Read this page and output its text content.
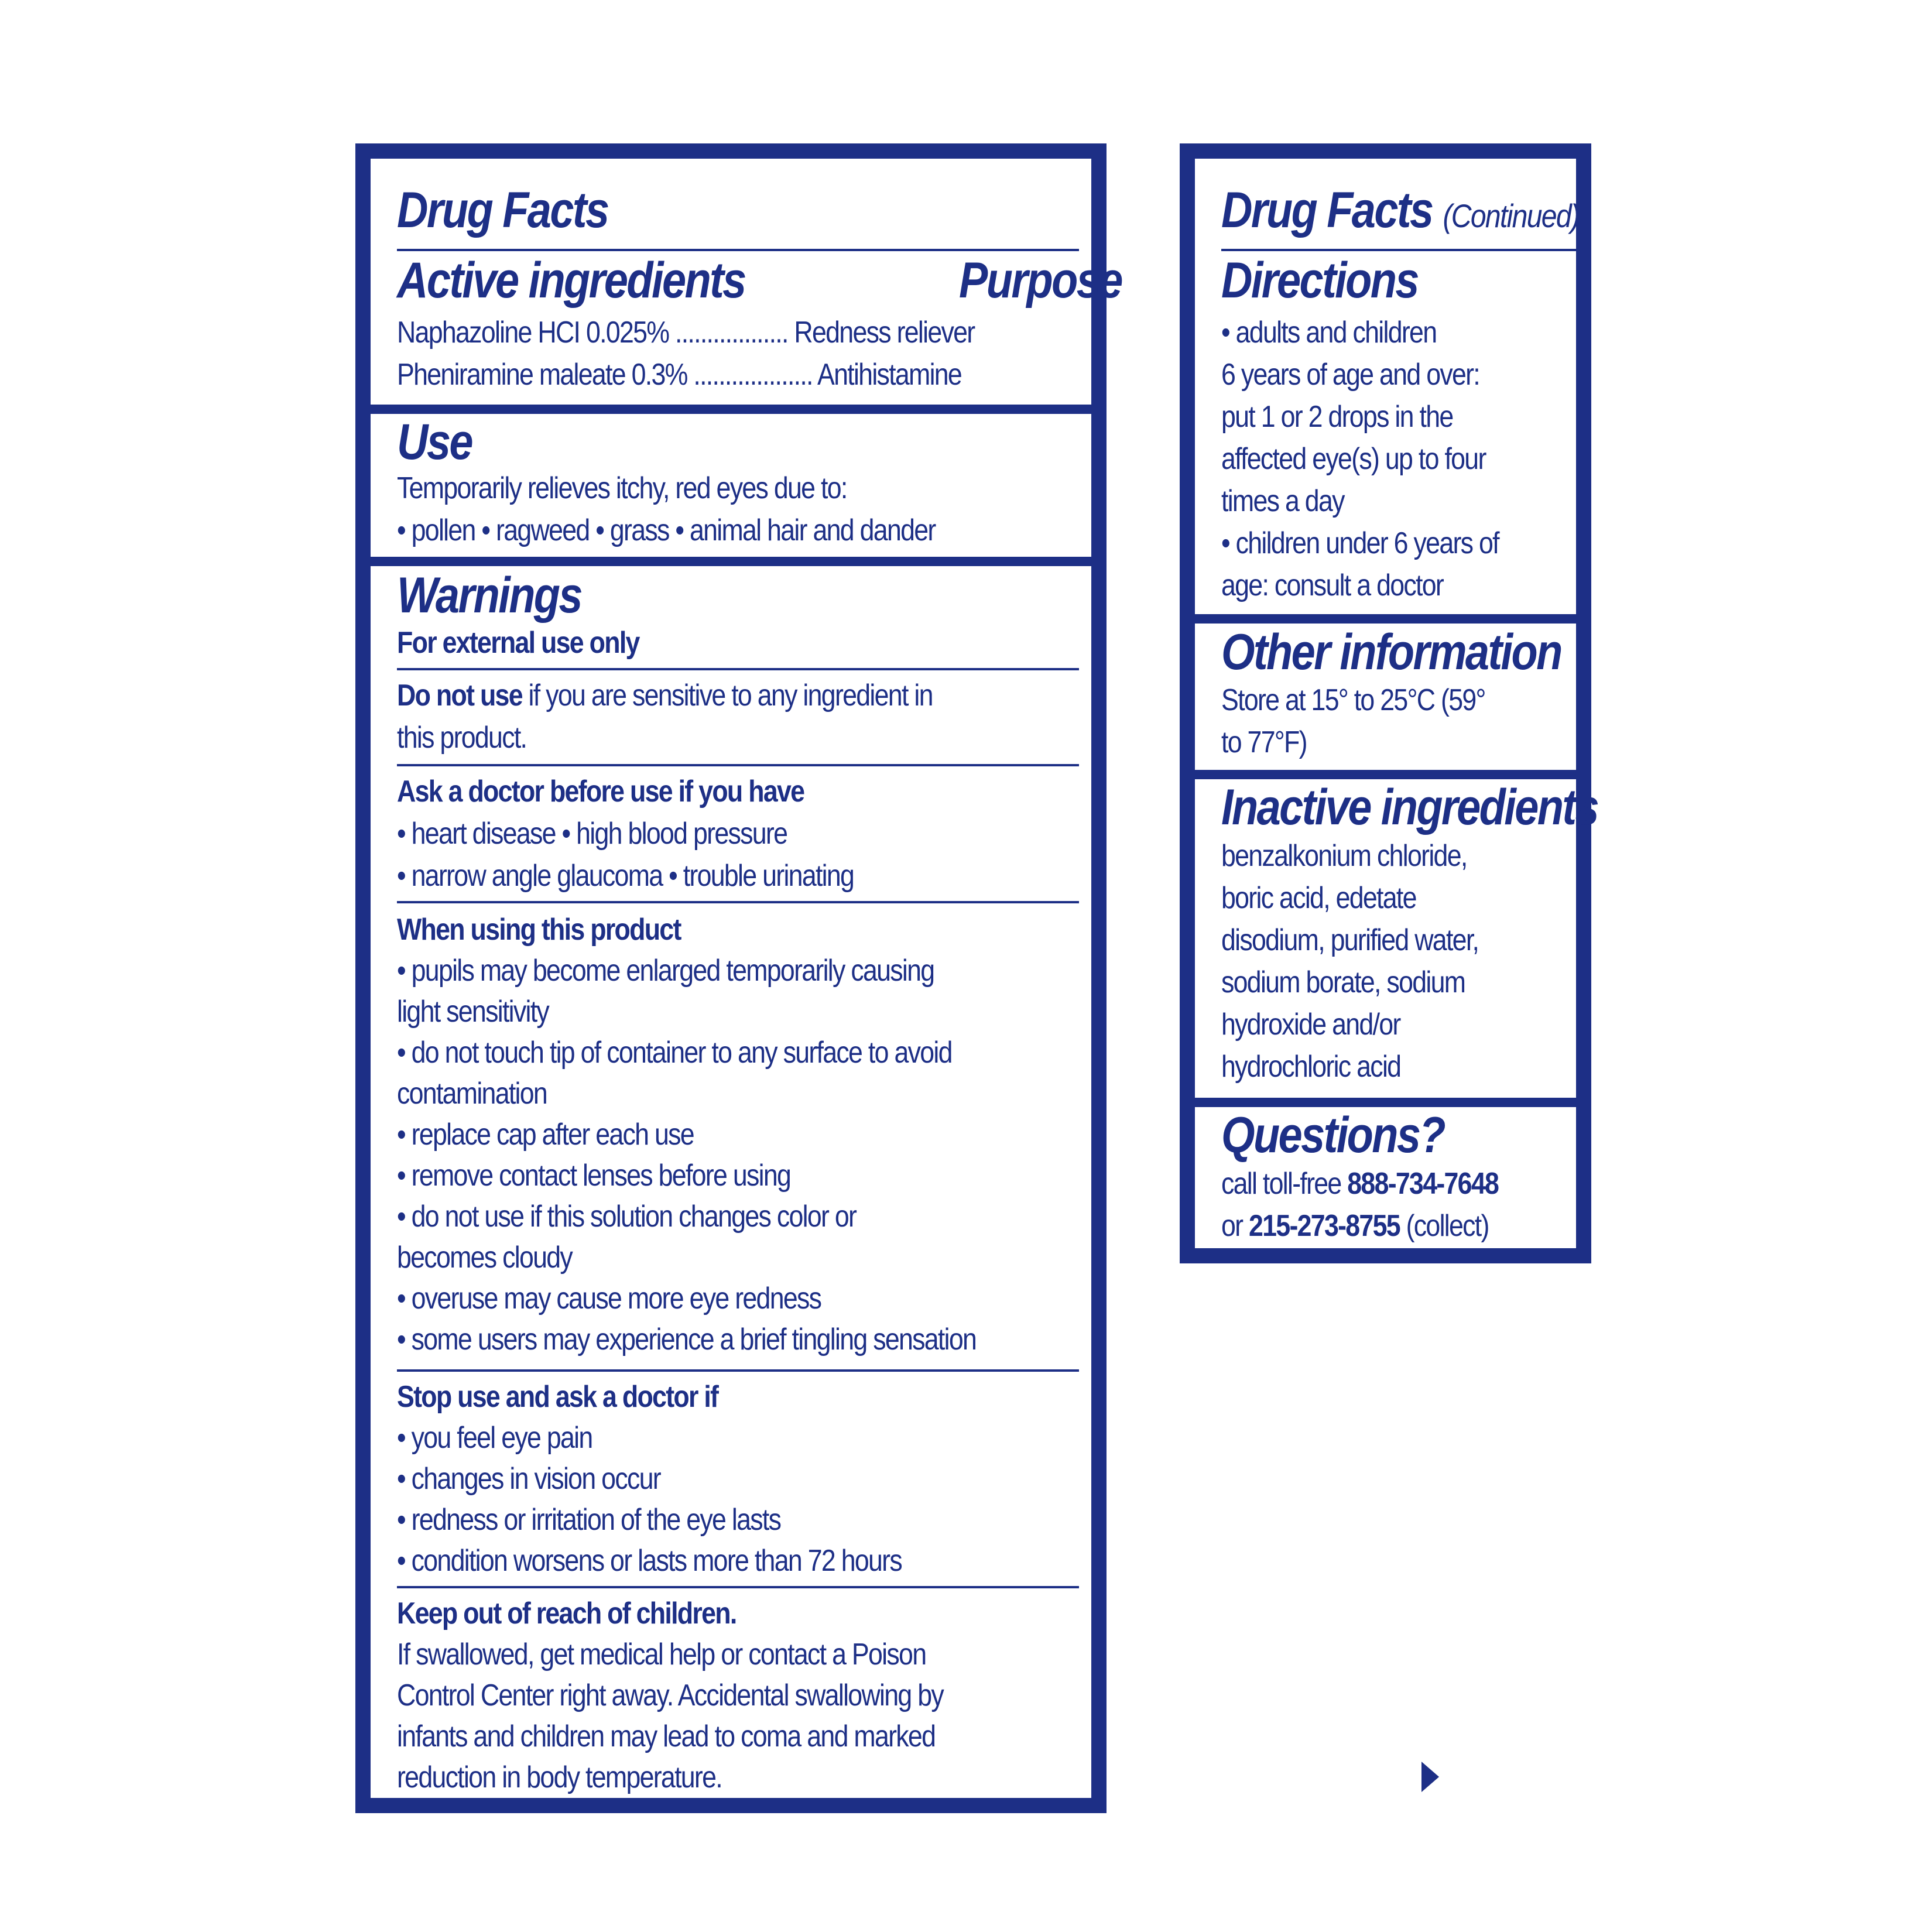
Drug Facts
Active ingredients	Purpose
Naphazoline HCI 0.025% .................. Redness reliever
Pheniramine maleate 0.3% ................... Antihistamine
Use
Temporarily relieves itchy, red eyes due to:
• pollen • ragweed • grass • animal hair and dander
Warnings
For external use only
Do not use if you are sensitive to any ingredient in
this product.
Ask a doctor before use if you have
• heart disease • high blood pressure
• narrow angle glaucoma • trouble urinating
When using this product
• pupils may become enlarged temporarily causing
light sensitivity
• do not touch tip of container to any surface to avoid
contamination
• replace cap after each use
• remove contact lenses before using
• do not use if this solution changes color or
becomes cloudy
• overuse may cause more eye redness
• some users may experience a brief tingling sensation
Stop use and ask a doctor if
• you feel eye pain
• changes in vision occur
• redness or irritation of the eye lasts
• condition worsens or lasts more than 72 hours
Keep out of reach of children.
If swallowed, get medical help or contact a Poison
Control Center right away. Accidental swallowing by
infants and children may lead to coma and marked
reduction in body temperature.
Drug Facts (Continued)
Directions
• adults and children
6 years of age and over:
put 1 or 2 drops in the
affected eye(s) up to four
times a day
• children under 6 years of
age: consult a doctor
Other information
Store at 15° to 25°C (59°
to 77°F)
Inactive ingredients
benzalkonium chloride,
boric acid, edetate
disodium, purified water,
sodium borate, sodium
hydroxide and/or
hydrochloric acid
Questions?
call toll-free 888-734-7648
or 215-273-8755 (collect)
